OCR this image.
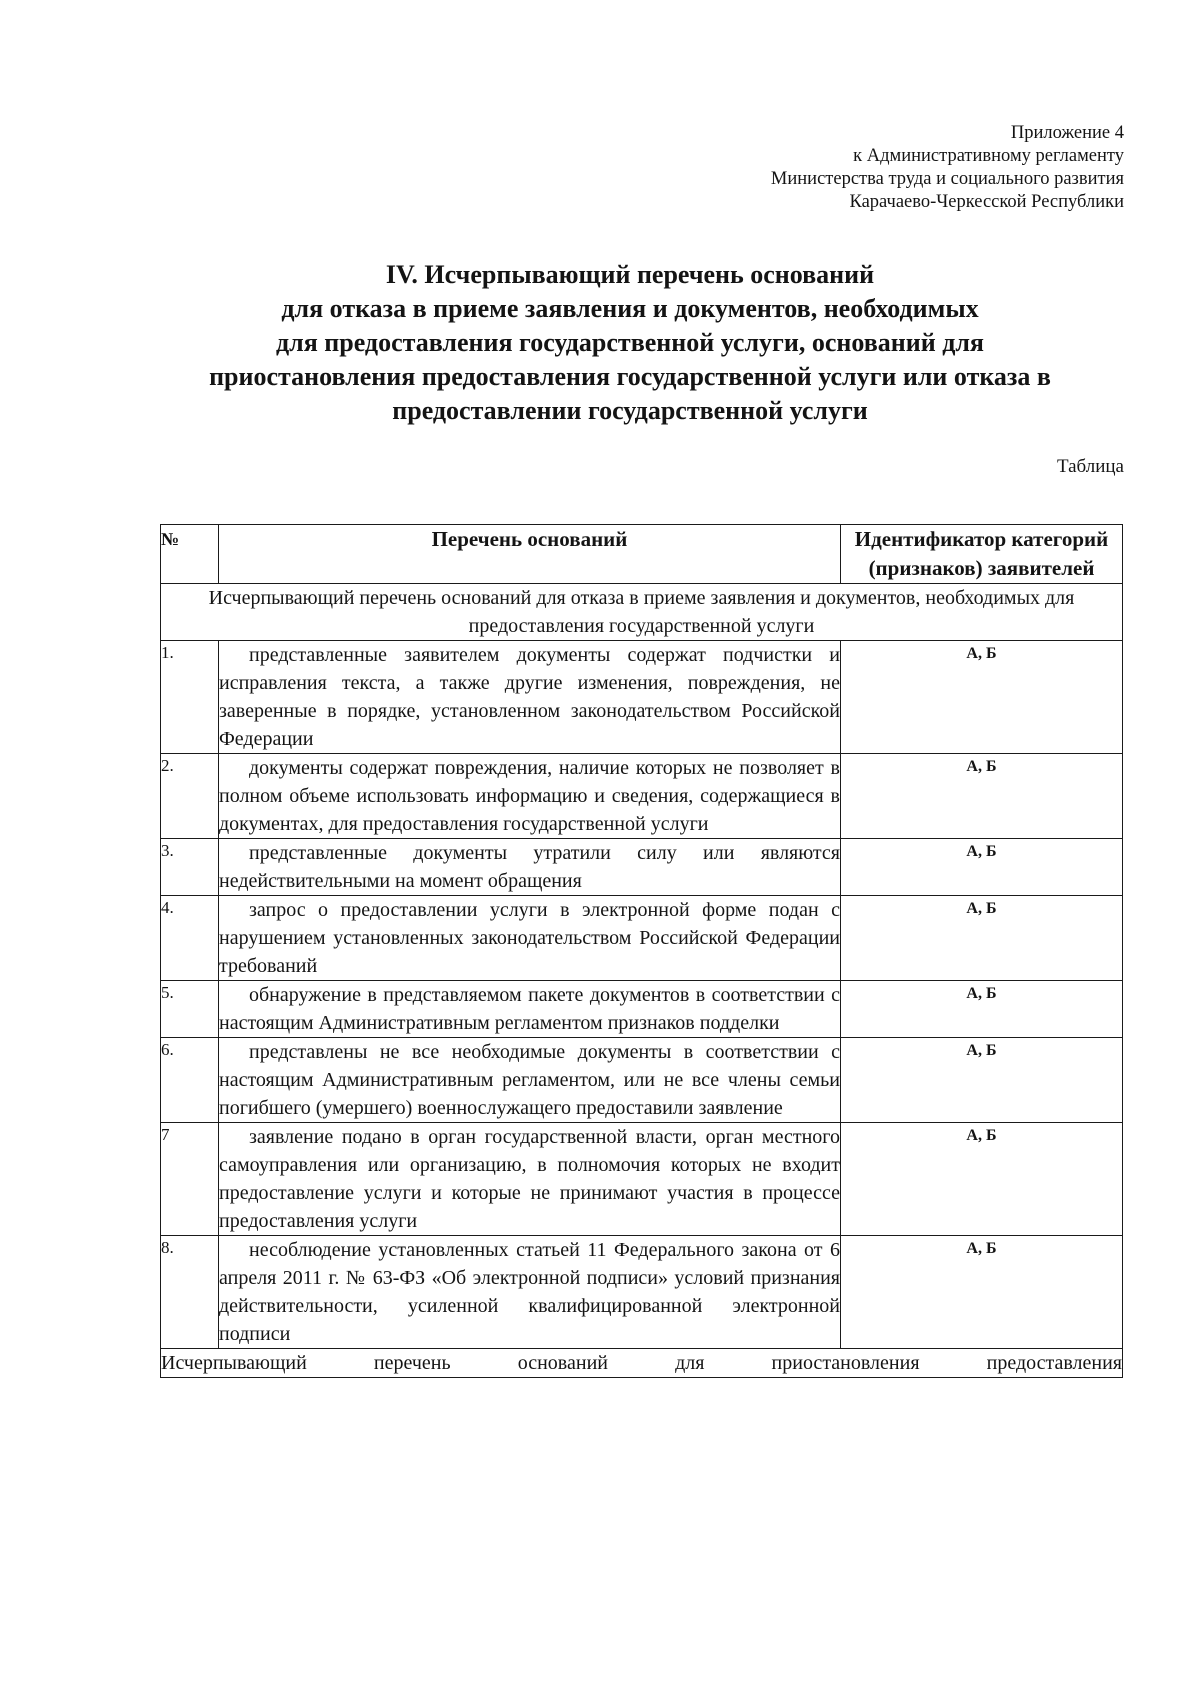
Приложение 4
к Административному регламенту
Министерства труда и социального развития
Карачаево-Черкесской Республики
IV. Исчерпывающий перечень оснований
для отказа в приеме заявления и документов, необходимых
для предоставления государственной услуги, оснований для
приостановления предоставления государственной услуги или отказа в
предоставлении государственной услуги
Таблица
№	Перечень оснований	Идентификатор категорий (признаков) заявителей
Исчерпывающий перечень оснований для отказа в приеме заявления и документов, необходимых для предоставления государственной услуги		
1.	представленные заявителем документы содержат подчистки и исправления текста, а также другие изменения, повреждения, не заверенные в порядке, установленном законодательством Российской Федерации	А, Б
2.	документы содержат повреждения, наличие которых не позволяет в полном объеме использовать информацию и сведения, содержащиеся в документах, для предоставления государственной услуги	А, Б
3.	представленные документы утратили силу или являются недействительными на момент обращения	А, Б
4.	запрос о предоставлении услуги в электронной форме подан с нарушением установленных законодательством Российской Федерации требований	А, Б
5.	обнаружение в представляемом пакете документов в соответствии с настоящим Административным регламентом признаков подделки	А, Б
6.	представлены не все необходимые документы в соответствии с настоящим Административным регламентом, или не все члены семьи погибшего (умершего) военнослужащего предоставили заявление	А, Б
7	заявление подано в орган государственной власти, орган местного самоуправления или организацию, в полномочия которых не входит предоставление услуги и которые не принимают участия в процессе предоставления услуги	А, Б
8.	несоблюдение установленных статьей 11 Федерального закона от 6 апреля 2011 г. № 63-ФЗ «Об электронной подписи» условий признания действительности, усиленной квалифицированной электронной подписи	А, Б
Исчерпывающий перечень оснований для приостановления предоставления		
